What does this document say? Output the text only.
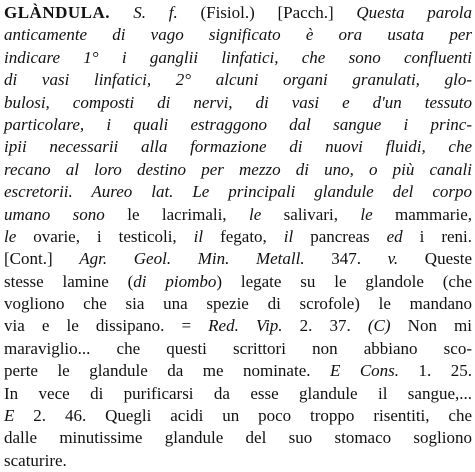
GLÀNDULA. S. f. (Fisiol.) [Pacch.] Questa parola
anticamente di vago significato è ora usata per
indicare 1° i ganglii linfatici, che sono confluenti
di vasi linfatici, 2° alcuni organi granulati, glo-
bulosi, composti di nervi, di vasi e d'un tessuto
particolare, i quali estraggono dal sangue i princ-
ipii necessarii alla formazione di nuovi fluidi, che
recano al loro destino per mezzo di uno, o più canali
escretorii. Aureo lat. Le principali glandule del corpo
umano sono le lacrimali, le salivari, le mammarie,
le ovarie, i testicoli, il fegato, il pancreas ed i reni.
[Cont.] Agr. Geol. Min. Metall. 347. v. Queste
stesse lamine (di piombo) legate su le glandole (che
vogliono che sia una spezie di scrofole) le mandano
via e le dissipano. = Red. Vip. 2. 37. (C) Non mi
maraviglio... che questi scrittori non abbiano sco-
perte le glandule da me nominate. E Cons. 1. 25.
In vece di purificarsi da esse glandule il sangue,...
E 2. 46. Quegli acidi un poco troppo risentiti, che
dalle minutissime glandule del suo stomaco sogliono
scaturire.
